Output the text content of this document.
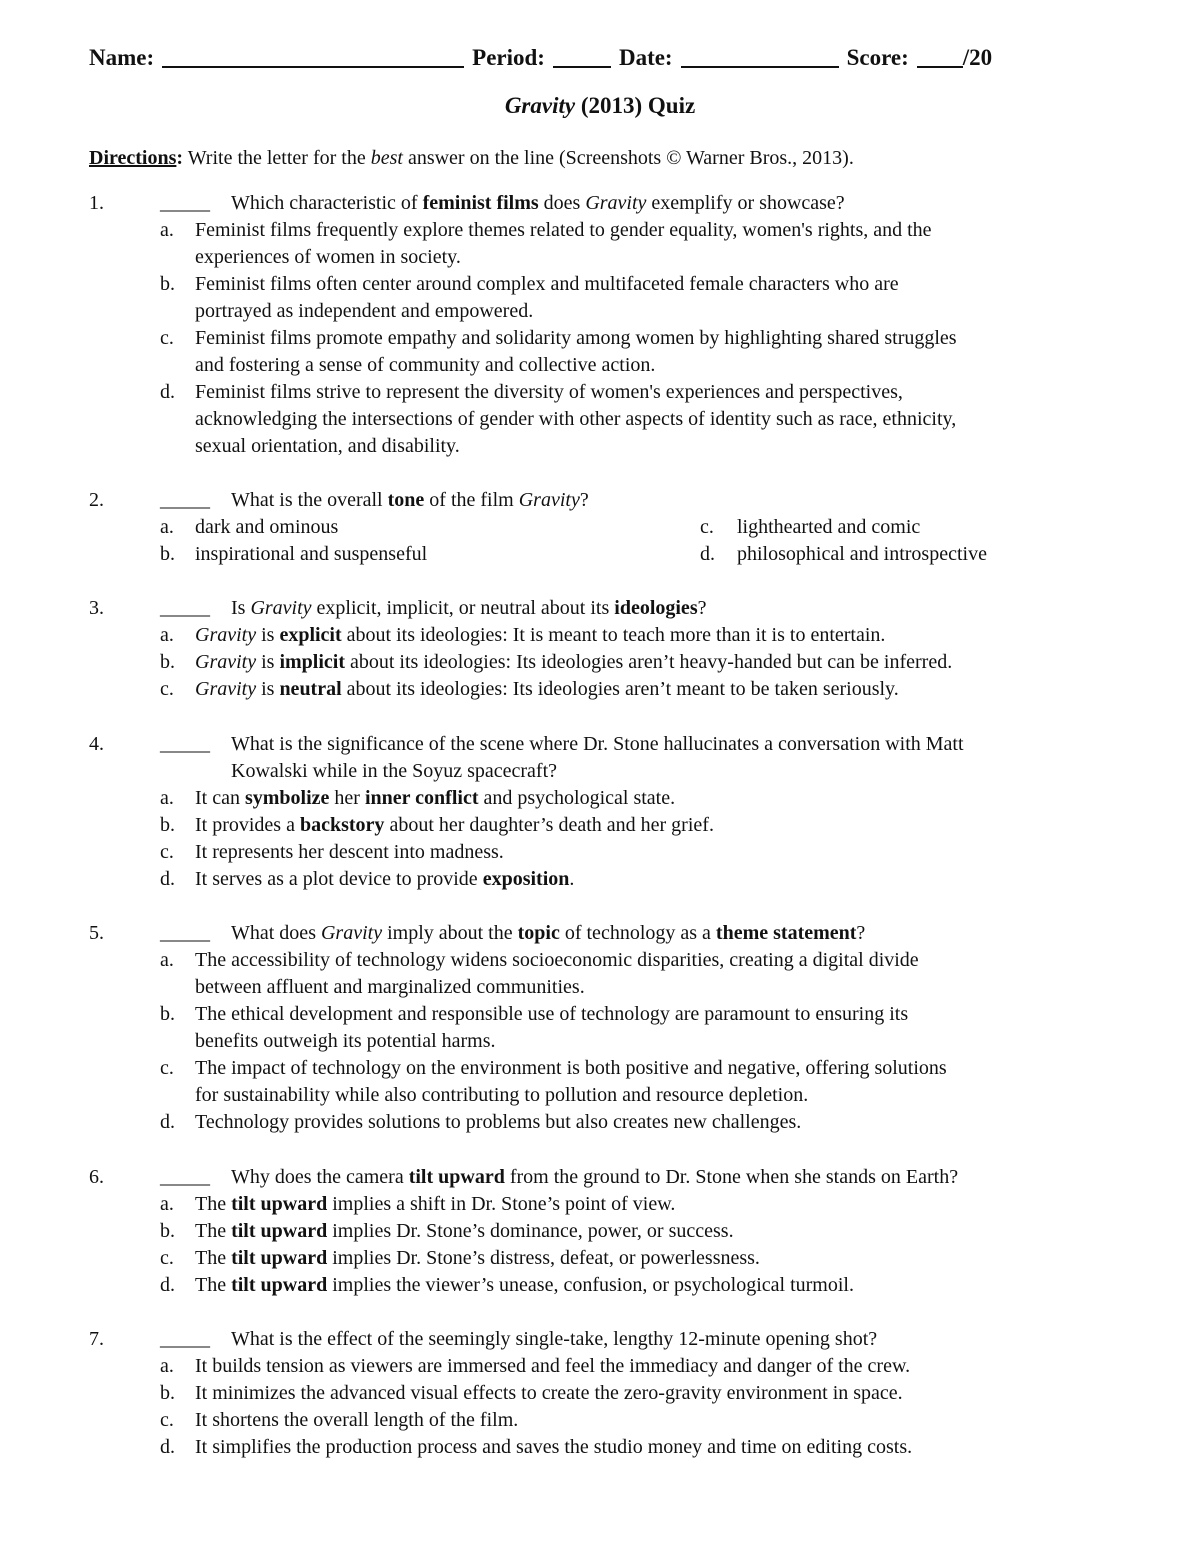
Name:	Period:	Date:	Score: /20
Gravity (2013) Quiz
Directions: Write the letter for the best answer on the line (Screenshots © Warner Bros., 2013).
1.	_____ Which characteristic of feminist films does Gravity exemplify or showcase?
a. Feminist films frequently explore themes related to gender equality, women's rights, and the
experiences of women in society.
b. Feminist films often center around complex and multifaceted female characters who are
portrayed as independent and empowered.
c. Feminist films promote empathy and solidarity among women by highlighting shared struggles
and fostering a sense of community and collective action.
d. Feminist films strive to represent the diversity of women's experiences and perspectives,
acknowledging the intersections of gender with other aspects of identity such as race, ethnicity,
sexual orientation, and disability.
2.	_____ What is the overall tone of the film Gravity?
a. dark and ominous	c. lighthearted and comic
b. inspirational and suspenseful	d. philosophical and introspective
3.	_____ Is Gravity explicit, implicit, or neutral about its ideologies?
a. Gravity is explicit about its ideologies: It is meant to teach more than it is to entertain.
b. Gravity is implicit about its ideologies: Its ideologies aren’t heavy-handed but can be inferred.
c. Gravity is neutral about its ideologies: Its ideologies aren’t meant to be taken seriously.
4.	_____ What is the significance of the scene where Dr. Stone hallucinates a conversation with Matt
Kowalski while in the Soyuz spacecraft?
a. It can symbolize her inner conflict and psychological state.
b. It provides a backstory about her daughter’s death and her grief.
c. It represents her descent into madness.
d. It serves as a plot device to provide exposition.
5.	_____ What does Gravity imply about the topic of technology as a theme statement?
a. The accessibility of technology widens socioeconomic disparities, creating a digital divide
between affluent and marginalized communities.
b. The ethical development and responsible use of technology are paramount to ensuring its
benefits outweigh its potential harms.
c. The impact of technology on the environment is both positive and negative, offering solutions
for sustainability while also contributing to pollution and resource depletion.
d. Technology provides solutions to problems but also creates new challenges.
6.	_____ Why does the camera tilt upward from the ground to Dr. Stone when she stands on Earth?
a. The tilt upward implies a shift in Dr. Stone’s point of view.
b. The tilt upward implies Dr. Stone’s dominance, power, or success.
c. The tilt upward implies Dr. Stone’s distress, defeat, or powerlessness.
d. The tilt upward implies the viewer’s unease, confusion, or psychological turmoil.
7.	_____ What is the effect of the seemingly single-take, lengthy 12-minute opening shot?
a. It builds tension as viewers are immersed and feel the immediacy and danger of the crew.
b. It minimizes the advanced visual effects to create the zero-gravity environment in space.
c. It shortens the overall length of the film.
d. It simplifies the production process and saves the studio money and time on editing costs.
